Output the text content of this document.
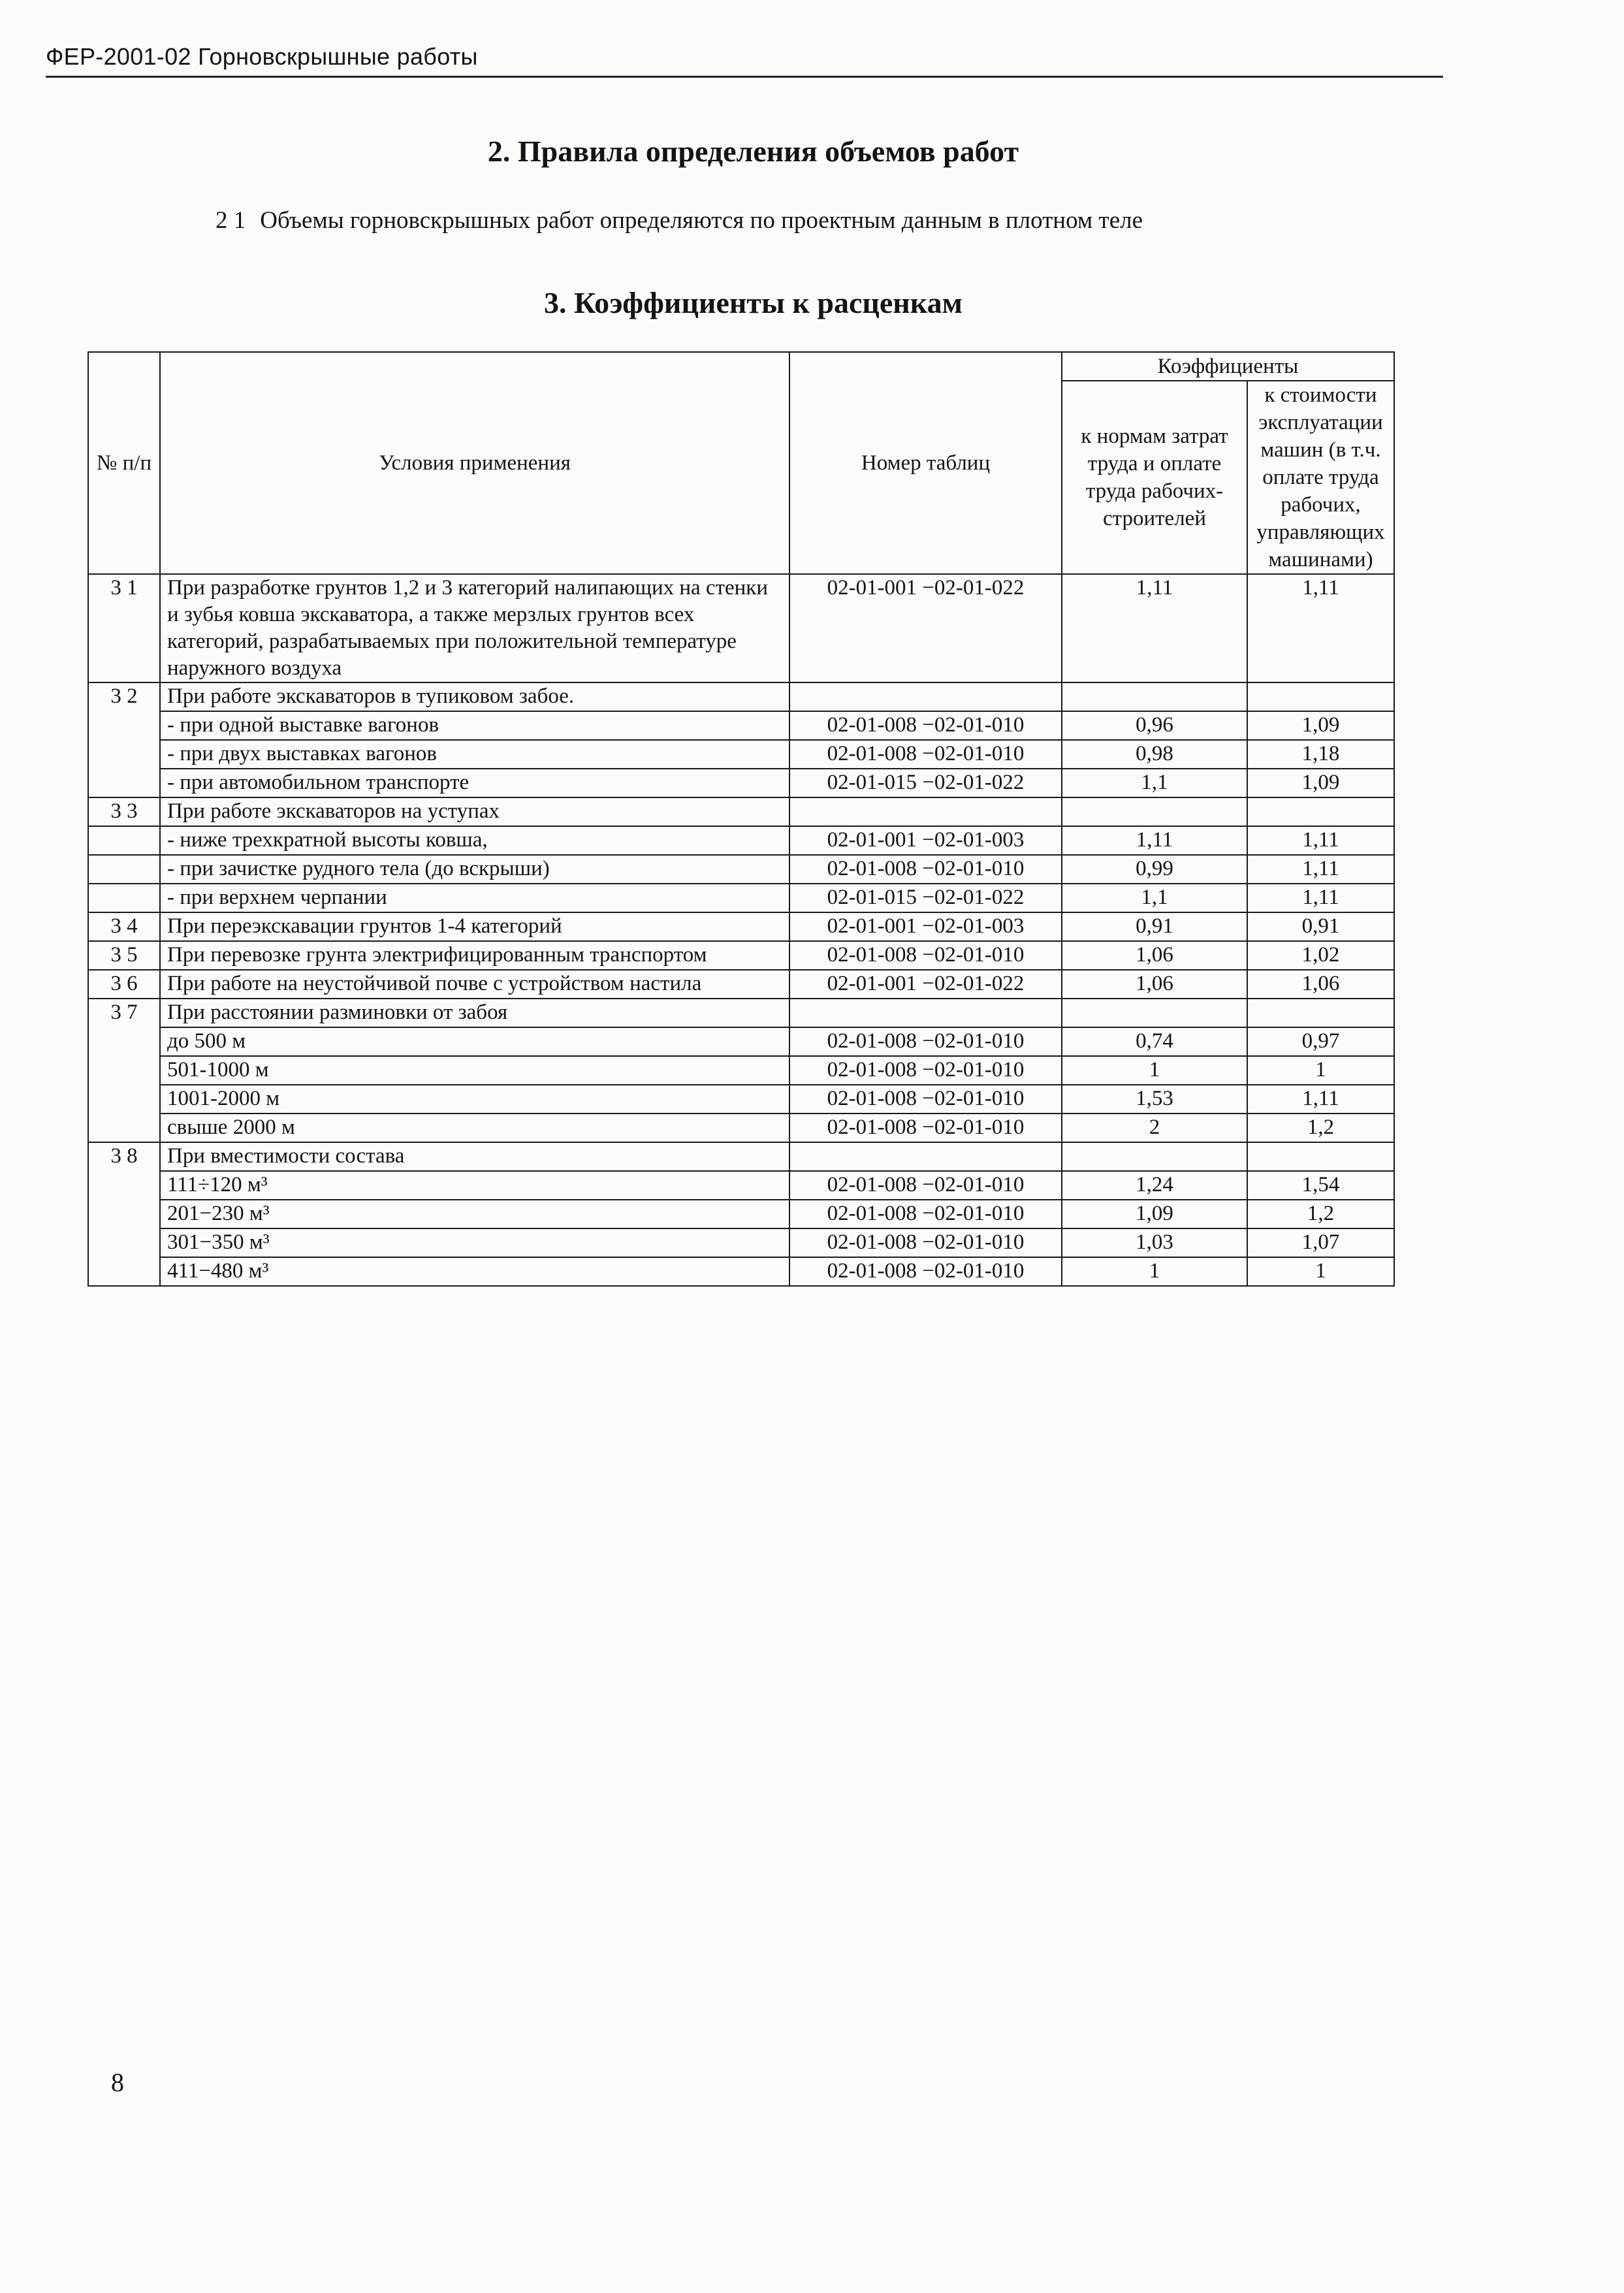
ФЕР-2001-02 Горновскрышные работы
2. Правила определения объемов работ
2 1 Объемы горновскрышных работ определяются по проектным данным в плотном теле
3. Коэффициенты к расценкам
№ п/п	Условия применения	Номер таблиц	Коэффициенты	
			к нормам затрат труда и оплате труда рабочих-строителей	к стоимости эксплуатации машин (в т.ч. оплате труда рабочих, управляющих машинами)
3 1	При разработке грунтов 1,2 и 3 категорий налипающих на стенки и зубья ковша экскаватора, а также мерзлых грунтов всех категорий, разрабатываемых при положительной температуре наружного воздуха	02-01-001 −02-01-022	1,11	1,11
3 2	При работе экскаваторов в тупиковом забое.			
	- при одной выставке вагонов	02-01-008 −02-01-010	0,96	1,09
	- при двух выставках вагонов	02-01-008 −02-01-010	0,98	1,18
	- при автомобильном транспорте	02-01-015 −02-01-022	1,1	1,09
3 3	При работе экскаваторов на уступах			
	- ниже трехкратной высоты ковша,	02-01-001 −02-01-003	1,11	1,11
	- при зачистке рудного тела (до вскрыши)	02-01-008 −02-01-010	0,99	1,11
	- при верхнем черпании	02-01-015 −02-01-022	1,1	1,11
3 4	При переэкскавации грунтов 1-4 категорий	02-01-001 −02-01-003	0,91	0,91
3 5	При перевозке грунта электрифицированным транспортом	02-01-008 −02-01-010	1,06	1,02
3 6	При работе на неустойчивой почве с устройством настила	02-01-001 −02-01-022	1,06	1,06
3 7	При расстоянии разминовки от забоя			
	до 500 м	02-01-008 −02-01-010	0,74	0,97
	501-1000 м	02-01-008 −02-01-010	1	1
	1001-2000 м	02-01-008 −02-01-010	1,53	1,11
	свыше 2000 м	02-01-008 −02-01-010	2	1,2
3 8	При вместимости состава			
	111÷120 м³	02-01-008 −02-01-010	1,24	1,54
	201−230 м³	02-01-008 −02-01-010	1,09	1,2
	301−350 м³	02-01-008 −02-01-010	1,03	1,07
	411−480 м³	02-01-008 −02-01-010	1	1
8
